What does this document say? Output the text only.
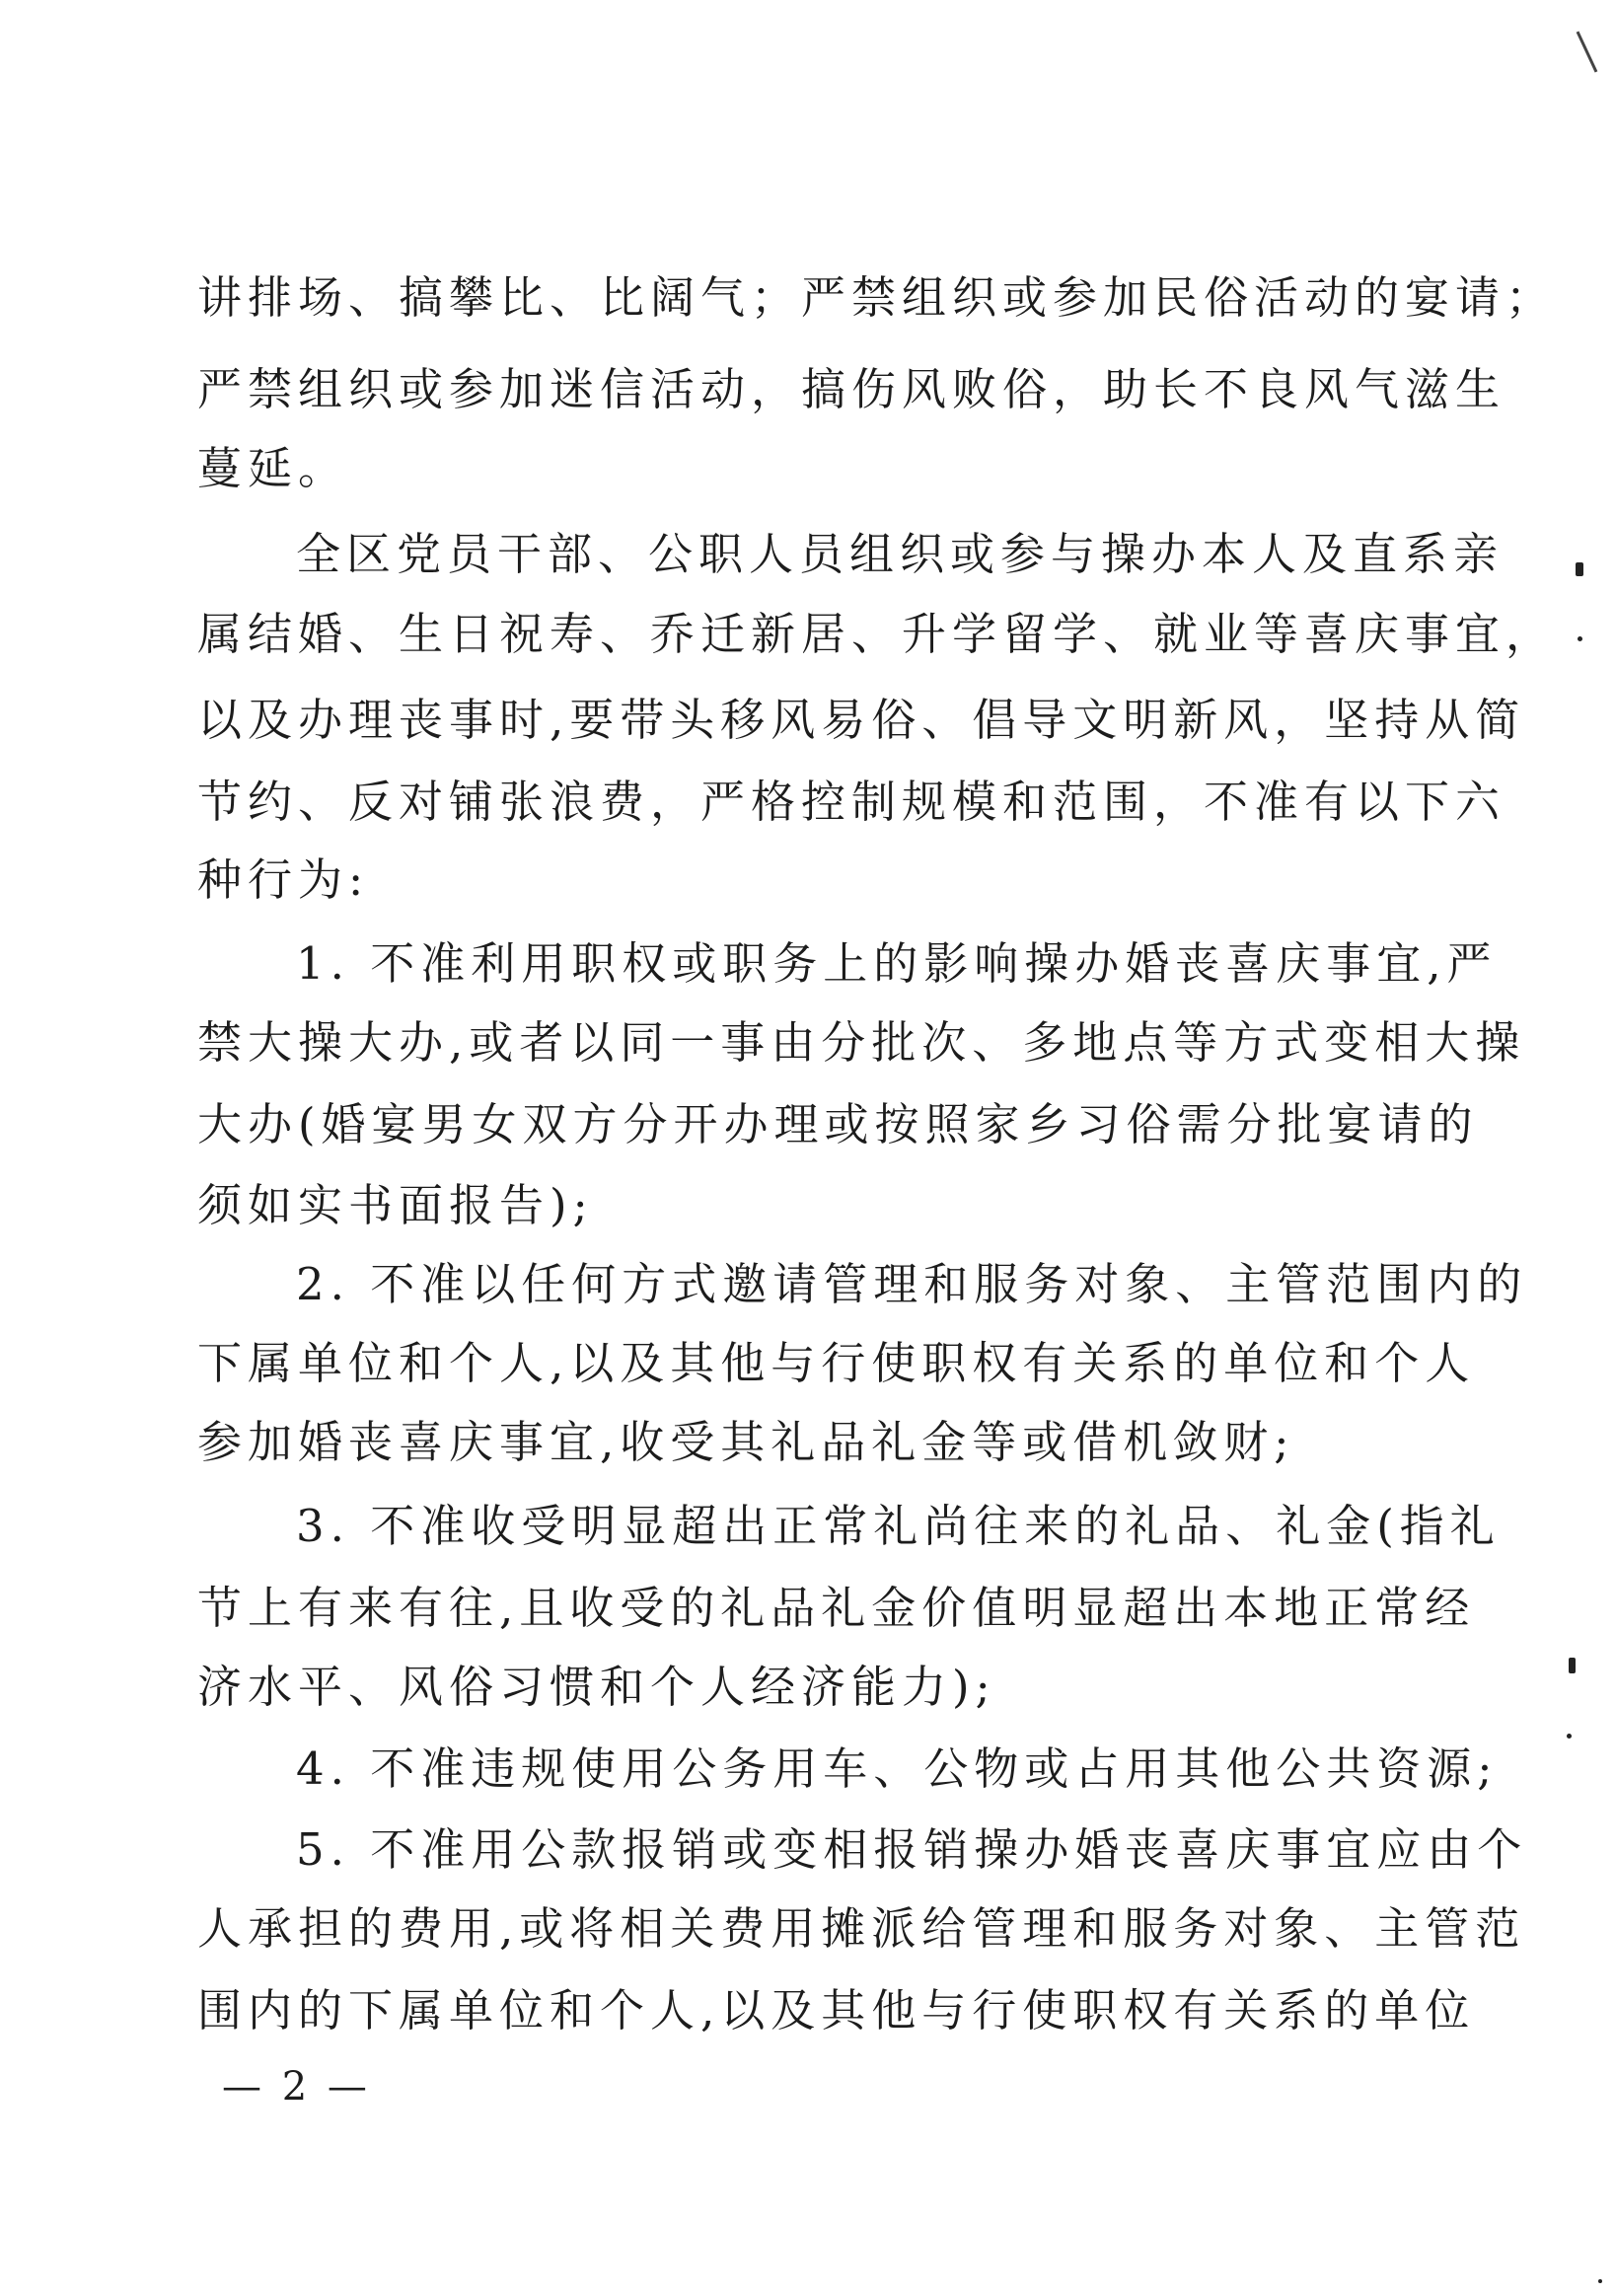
讲排场、搞攀比、比阔气；严禁组织或参加民俗活动的宴请；
严禁组织或参加迷信活动，搞伤风败俗，助长不良风气滋生
蔓延。
全区党员干部、公职人员组织或参与操办本人及直系亲
属结婚、生日祝寿、乔迁新居、升学留学、就业等喜庆事宜，
以及办理丧事时,要带头移风易俗、倡导文明新风，坚持从简
节约、反对铺张浪费，严格控制规模和范围，不准有以下六
种行为:
1. 不准利用职权或职务上的影响操办婚丧喜庆事宜,严
禁大操大办,或者以同一事由分批次、多地点等方式变相大操
大办(婚宴男女双方分开办理或按照家乡习俗需分批宴请的
须如实书面报告);
2. 不准以任何方式邀请管理和服务对象、主管范围内的
下属单位和个人,以及其他与行使职权有关系的单位和个人
参加婚丧喜庆事宜,收受其礼品礼金等或借机敛财;
3. 不准收受明显超出正常礼尚往来的礼品、礼金(指礼
节上有来有往,且收受的礼品礼金价值明显超出本地正常经
济水平、风俗习惯和个人经济能力);
4. 不准违规使用公务用车、公物或占用其他公共资源;
5. 不准用公款报销或变相报销操办婚丧喜庆事宜应由个
人承担的费用,或将相关费用摊派给管理和服务对象、主管范
围内的下属单位和个人,以及其他与行使职权有关系的单位
— 2 —
